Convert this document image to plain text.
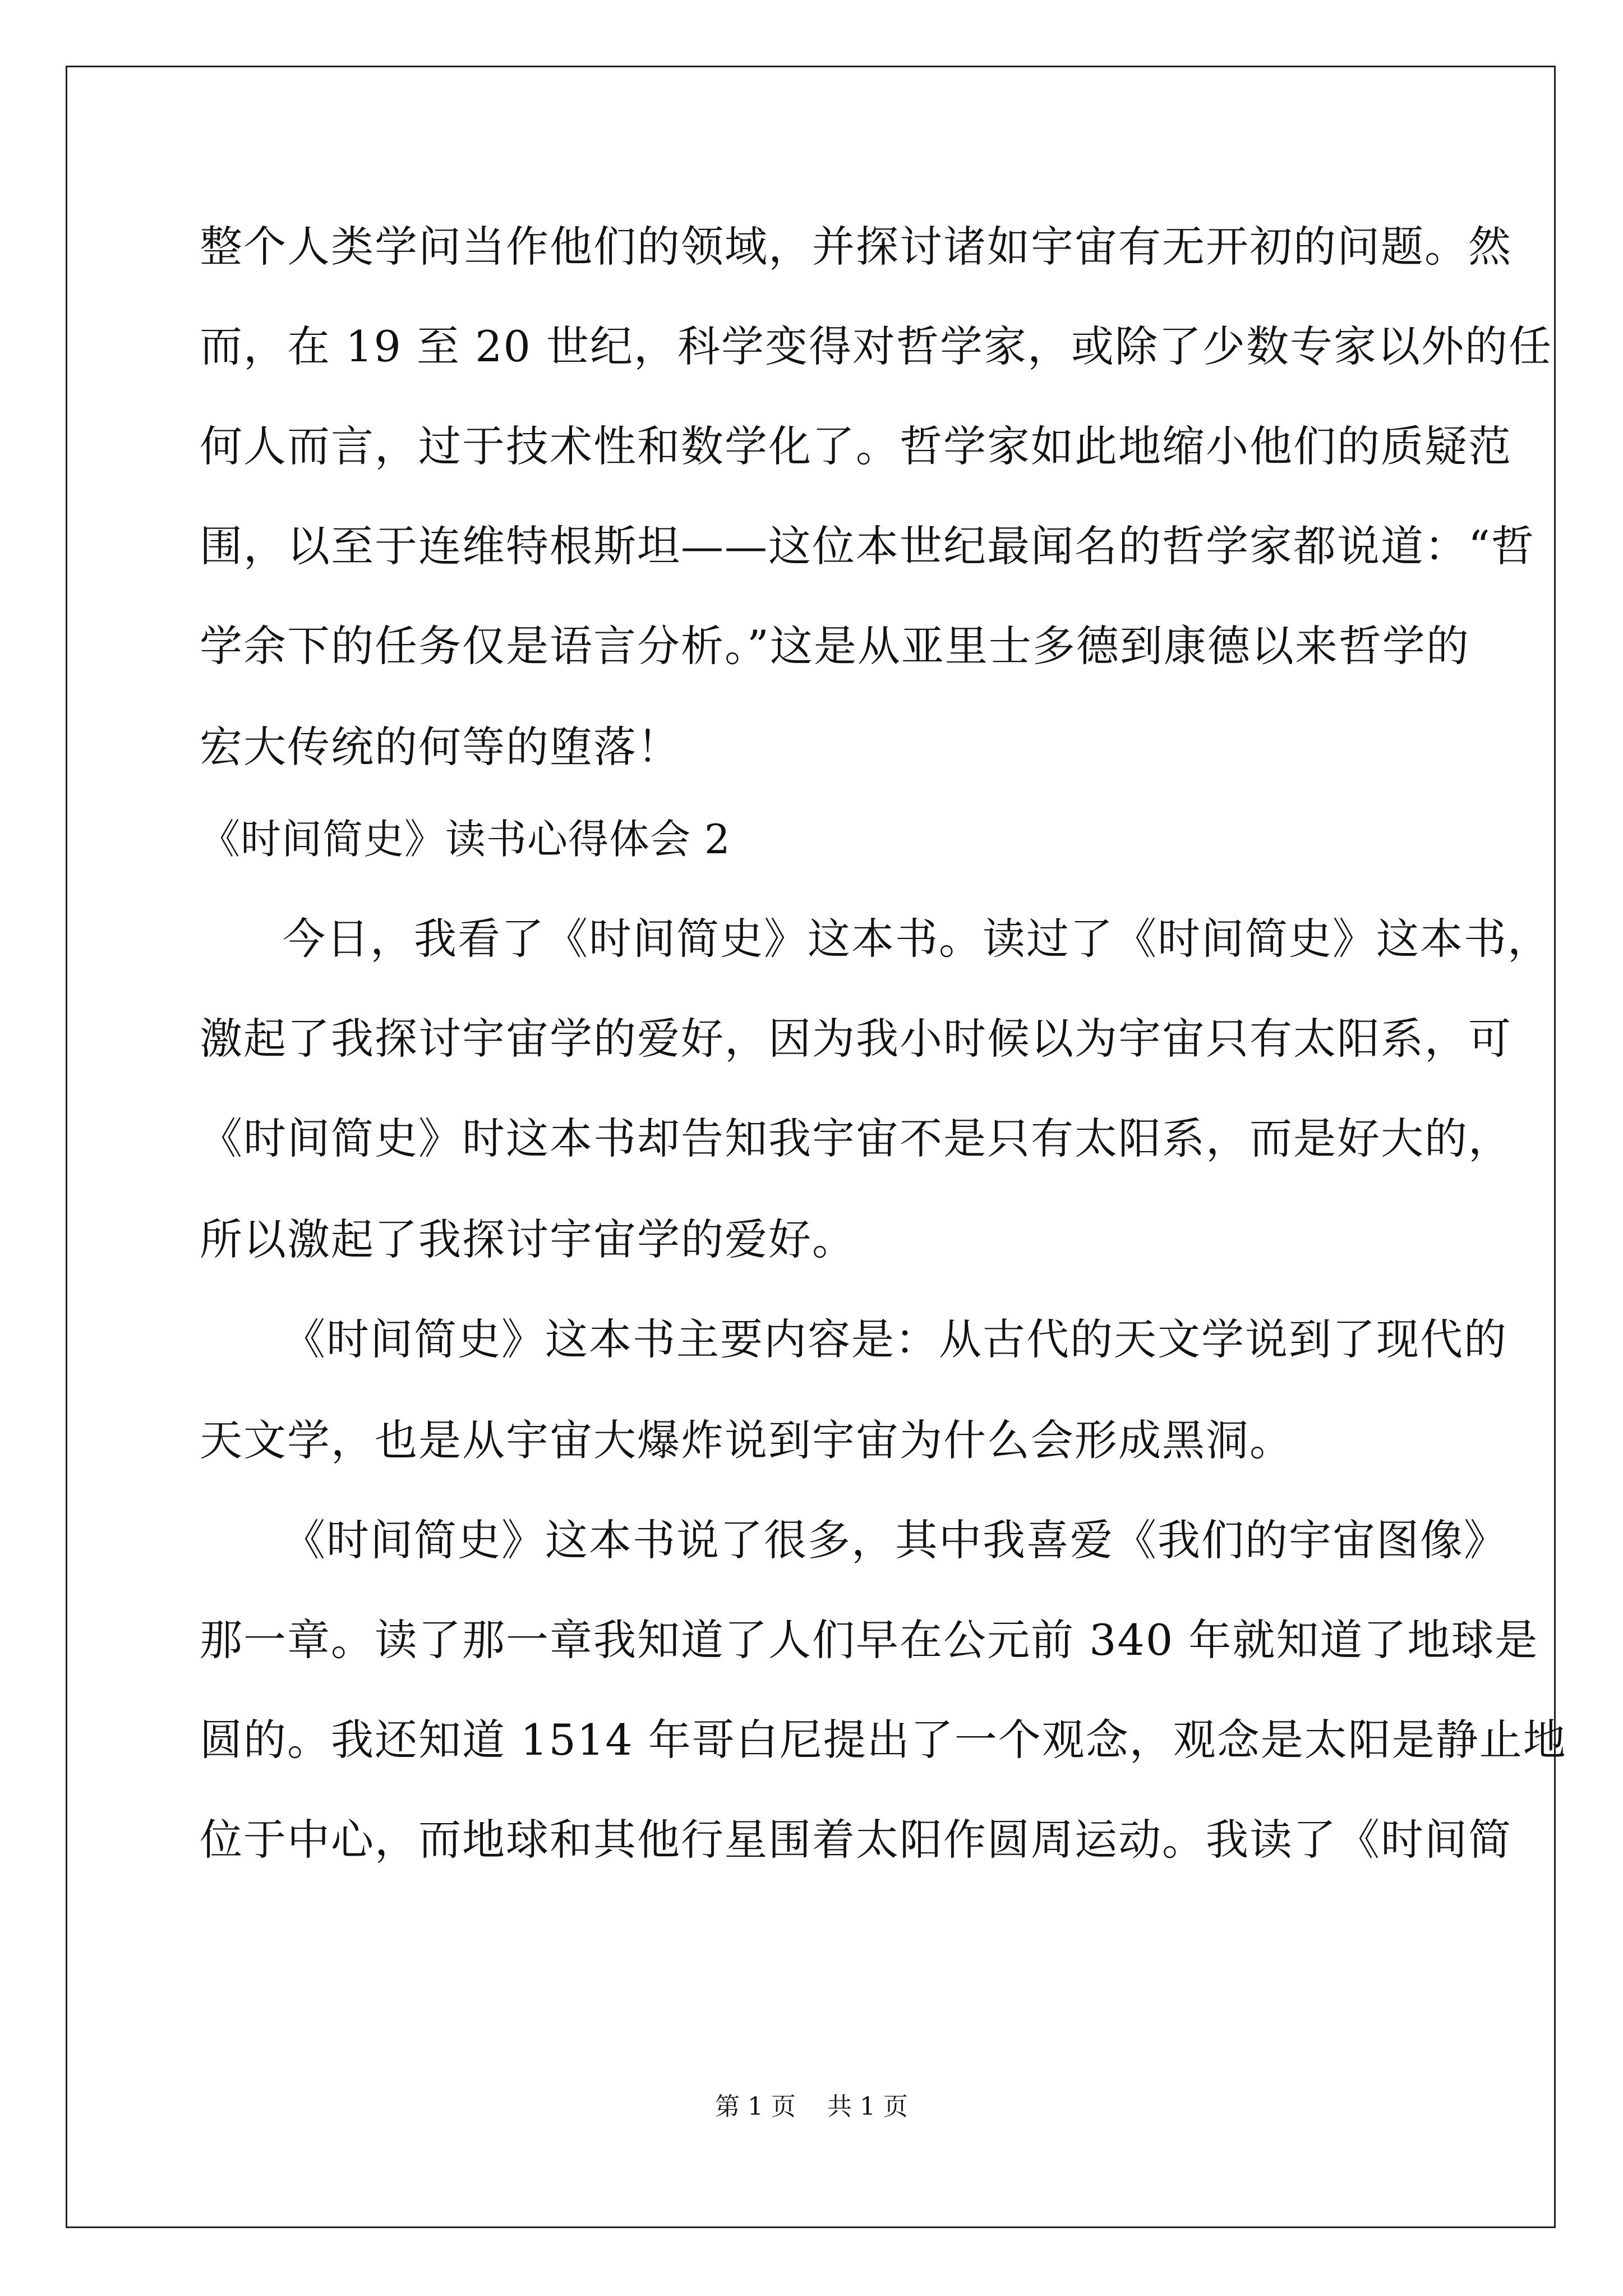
整个人类学问当作他们的领域，并探讨诸如宇宙有无开初的问题。然
而，在 19 至 20 世纪，科学变得对哲学家，或除了少数专家以外的任
何人而言，过于技术性和数学化了。哲学家如此地缩小他们的质疑范
围，以至于连维特根斯坦——这位本世纪最闻名的哲学家都说道：“哲
学余下的任务仅是语言分析。”这是从亚里士多德到康德以来哲学的
宏大传统的何等的堕落！
《时间简史》读书心得体会 2
今日，我看了《时间简史》这本书。读过了《时间简史》这本书，
激起了我探讨宇宙学的爱好，因为我小时候以为宇宙只有太阳系，可
《时间简史》时这本书却告知我宇宙不是只有太阳系，而是好大的，
所以激起了我探讨宇宙学的爱好。
《时间简史》这本书主要内容是：从古代的天文学说到了现代的
天文学，也是从宇宙大爆炸说到宇宙为什么会形成黑洞。
《时间简史》这本书说了很多，其中我喜爱《我们的宇宙图像》
那一章。读了那一章我知道了人们早在公元前 340 年就知道了地球是
圆的。我还知道 1514 年哥白尼提出了一个观念，观念是太阳是静止地
位于中心，而地球和其他行星围着太阳作圆周运动。我读了《时间简
第 1 页    共 1 页
